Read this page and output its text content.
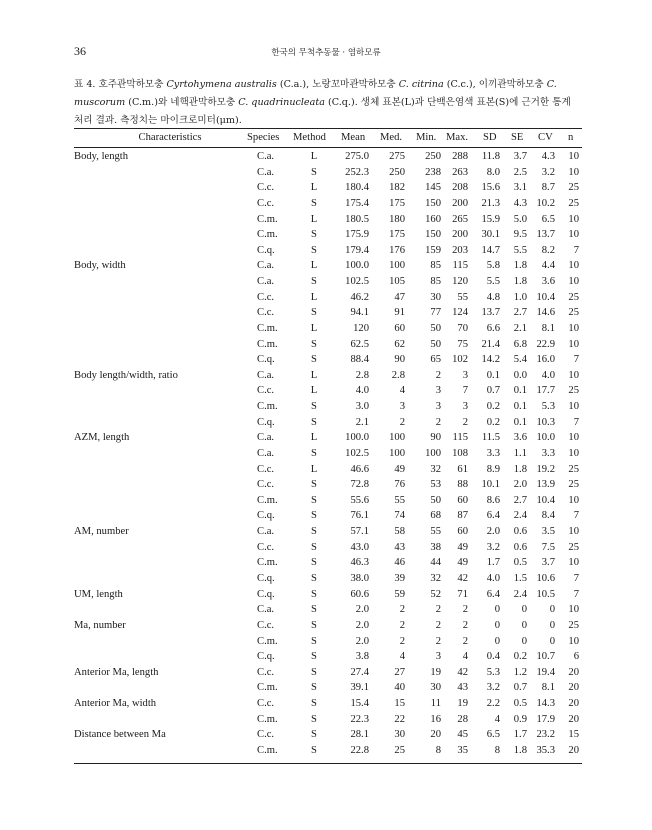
36	한국의 무척추동물 · 염하모류
표 4. 호주관막하모충 Cyrtohymena australis (C.a.), 노랑꼬마관막하모충 C. citrina (C.c.), 이끼관막하모충 C.
muscorum (C.m.)와 네핵관막하모충 C. quadrinucleata (C.q.). 생체 표본(L)과 단백은염색 표본(S)에 근거한 통계
처리 결과. 측정치는 마이크로미터(μm).
Characteristics	Species Method Mean Med. Min. Max. SD SE CV n
Body, length	C.a.	L	275.0 275 250 288 11.8 3.7 4.3 10
C.a.	S	252.3 250 238 263 8.0 2.5 3.2 10
C.c.	L	180.4 182 145 208 15.6 3.1 8.7 25
C.c.	S	175.4 175 150 200 21.3 4.3 10.2 25
C.m.	L	180.5 180 160 265 15.9 5.0 6.5 10
C.m.	S	175.9 175 150 200 30.1 9.5 13.7 10
C.q.	S	179.4 176 159 203 14.7 5.5 8.2 7
Body, width	C.a.	L	100.0 100 85 115 5.8 1.8 4.4 10
C.a.	S	102.5 105 85 120 5.5 1.8 3.6 10
C.c.	L	46.2 47 30 55 4.8 1.0 10.4 25
C.c.	S	94.1 91 77 124 13.7 2.7 14.6 25
C.m.	L	120 60 50 70 6.6 2.1 8.1 10
C.m.	S	62.5 62 50 75 21.4 6.8 22.9 10
C.q.	S	88.4 90 65 102 14.2 5.4 16.0 7
Body length/width, ratio	C.a.	L	2.8 2.8	2 3 0.1 0.0 4.0 10
C.c.	L	4.0	4	3 7 0.7 0.1 17.7 25
C.m.	S	3.0	3	3 3 0.2 0.1 5.3 10
C.q.	S	2.1	2	2 2 0.2 0.1 10.3 7
AZM, length	C.a.	L	100.0 100 90 115 11.5 3.6 10.0 10
C.a.	S	102.5 100 100 108 3.3 1.1 3.3 10
C.c.	L	46.6 49 32 61 8.9 1.8 19.2 25
C.c.	S	72.8 76 53 88 10.1 2.0 13.9 25
C.m.	S	55.6 55 50 60 8.6 2.7 10.4 10
C.q.	S	76.1 74 68 87 6.4 2.4 8.4 7
AM, number	C.a.	S	57.1 58 55 60 2.0 0.6 3.5 10
C.c.	S	43.0 43 38 49 3.2 0.6 7.5 25
C.m.	S	46.3 46 44 49 1.7 0.5 3.7 10
C.q.	S	38.0 39 32 42 4.0 1.5 10.6 7
UM, length	C.q.	S	60.6 59 52 71 6.4 2.4 10.5 7
C.a.	S	2.0	2	2 2	0 0 0 10
Ma, number	C.c.	S	2.0	2	2 2	0 0 0 25
C.m.	S	2.0	2	2 2	0 0 0 10
C.q.	S	3.8	4	3 4 0.4 0.2 10.7 6
Anterior Ma, length	C.c.	S	27.4 27 19 42 5.3 1.2 19.4 20
C.m.	S	39.1 40 30 43 3.2 0.7 8.1 20
Anterior Ma, width	C.c.	S	15.4 15 11 19 2.2 0.5 14.3 20
C.m.	S	22.3 22 16 28	4 0.9 17.9 20
Distance between Ma	C.c.	S	28.1 30 20 45 6.5 1.7 23.2 15
C.m.	S	22.8 25	8 35	8 1.8 35.3 20
